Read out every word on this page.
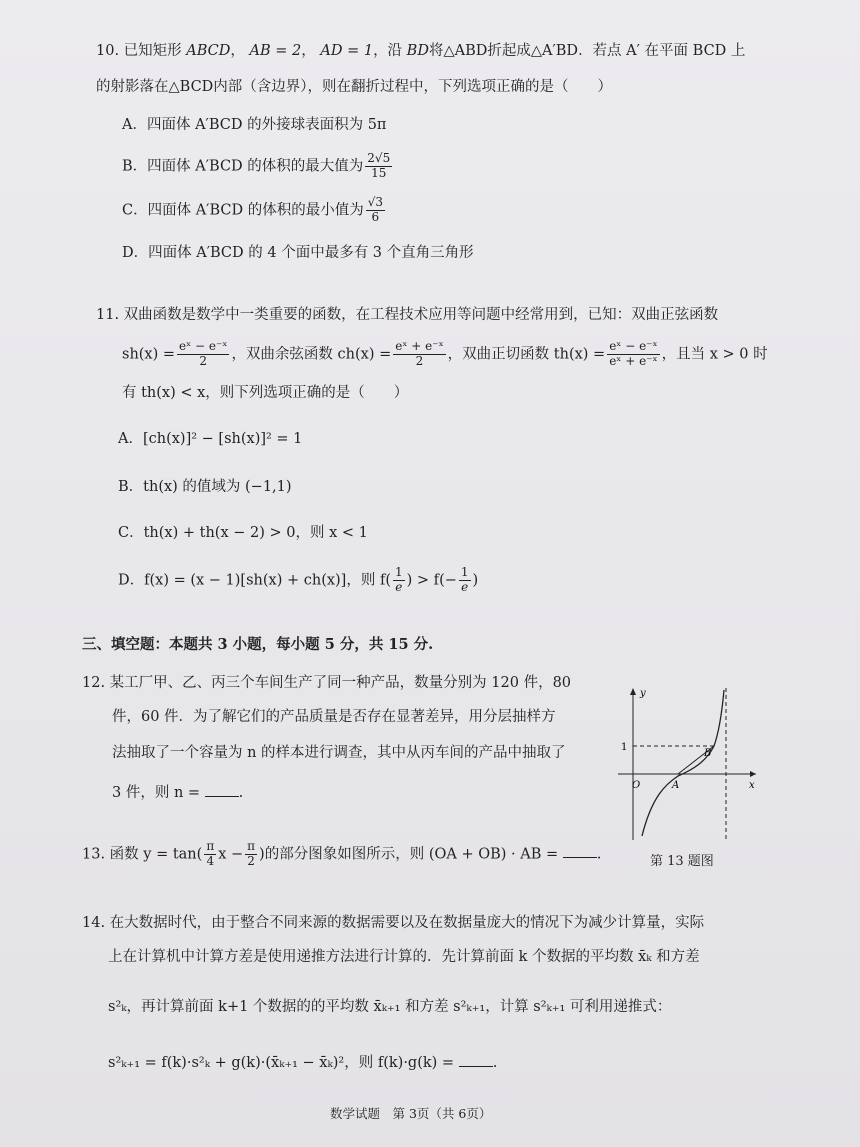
10. 已知矩形 ABCD， AB = 2， AD = 1，沿 BD将△ABD折起成△A′BD．若点 A′ 在平面 BCD 上
的射影落在△BCD内部（含边界），则在翻折过程中，下列选项正确的是（　　）
A．四面体 A′BCD 的外接球表面积为 5π
B．四面体 A′BCD 的体积的最大值为 $\frac{2√5}{15}$
C．四面体 A′BCD 的体积的最小值为 $\frac{√3}{6}$
D．四面体 A′BCD 的 4 个面中最多有 3 个直角三角形
11. 双曲函数是数学中一类重要的函数，在工程技术应用等问题中经常用到，已知：双曲正弦函数
$sh(x) = \frac{\text{eˣ − e⁻ˣ}}{2}$ ，双曲余弦函数 $ch(x) = \frac{\text{eˣ + e⁻ˣ}}{2}$ ，双曲正切函数 $th(x) = \frac{\text{eˣ − e⁻ˣ}}{\text{eˣ + e⁻ˣ}}$ ，且当 x > 0 时
有 th(x) < x，则下列选项正确的是（　　）
A．[ch(x)]² − [sh(x)]² = 1
B．th(x) 的值域为 (−1,1)
C．th(x) + th(x − 2) > 0，则 x < 1
D．f(x) = (x − 1)[sh(x) + ch(x)]，则 $f( \frac{1}{e}$ ) > $f(- \frac{1}{e}$ )
三、填空题：本题共 3 小题，每小题 5 分，共 15 分.
12. 某工厂甲、乙、丙三个车间生产了同一种产品，数量分别为 120 件，80
件，60 件．为了解它们的产品质量是否存在显著差异，用分层抽样方
法抽取了一个容量为 n 的样本进行调查，其中从丙车间的产品中抽取了
3 件，则 n =	.
13. 函数 $y = \tan( \frac{\pi}{4}$ $x - \frac{\pi}{2}$ )的部分图象如图所示，则 (OA + OB) · AB =	.
y
x
1
O	A
B
第 13 题图
14. 在大数据时代，由于整合不同来源的数据需要以及在数据量庞大的情况下为减少计算量，实际
上在计算机中计算方差是使用递推方法进行计算的．先计算前面 k 个数据的平均数 x̄ₖ 和方差
s²ₖ，再计算前面 k+1 个数据的的平均数 x̄ₖ₊₁ 和方差 s²ₖ₊₁，计算 s²ₖ₊₁ 可利用递推式：
s²ₖ₊₁ = f(k)·s²ₖ + g(k)·(x̄ₖ₊₁ − x̄ₖ)²，则 f(k)·g(k) =	.
数学试题　第 3页（共 6页）
